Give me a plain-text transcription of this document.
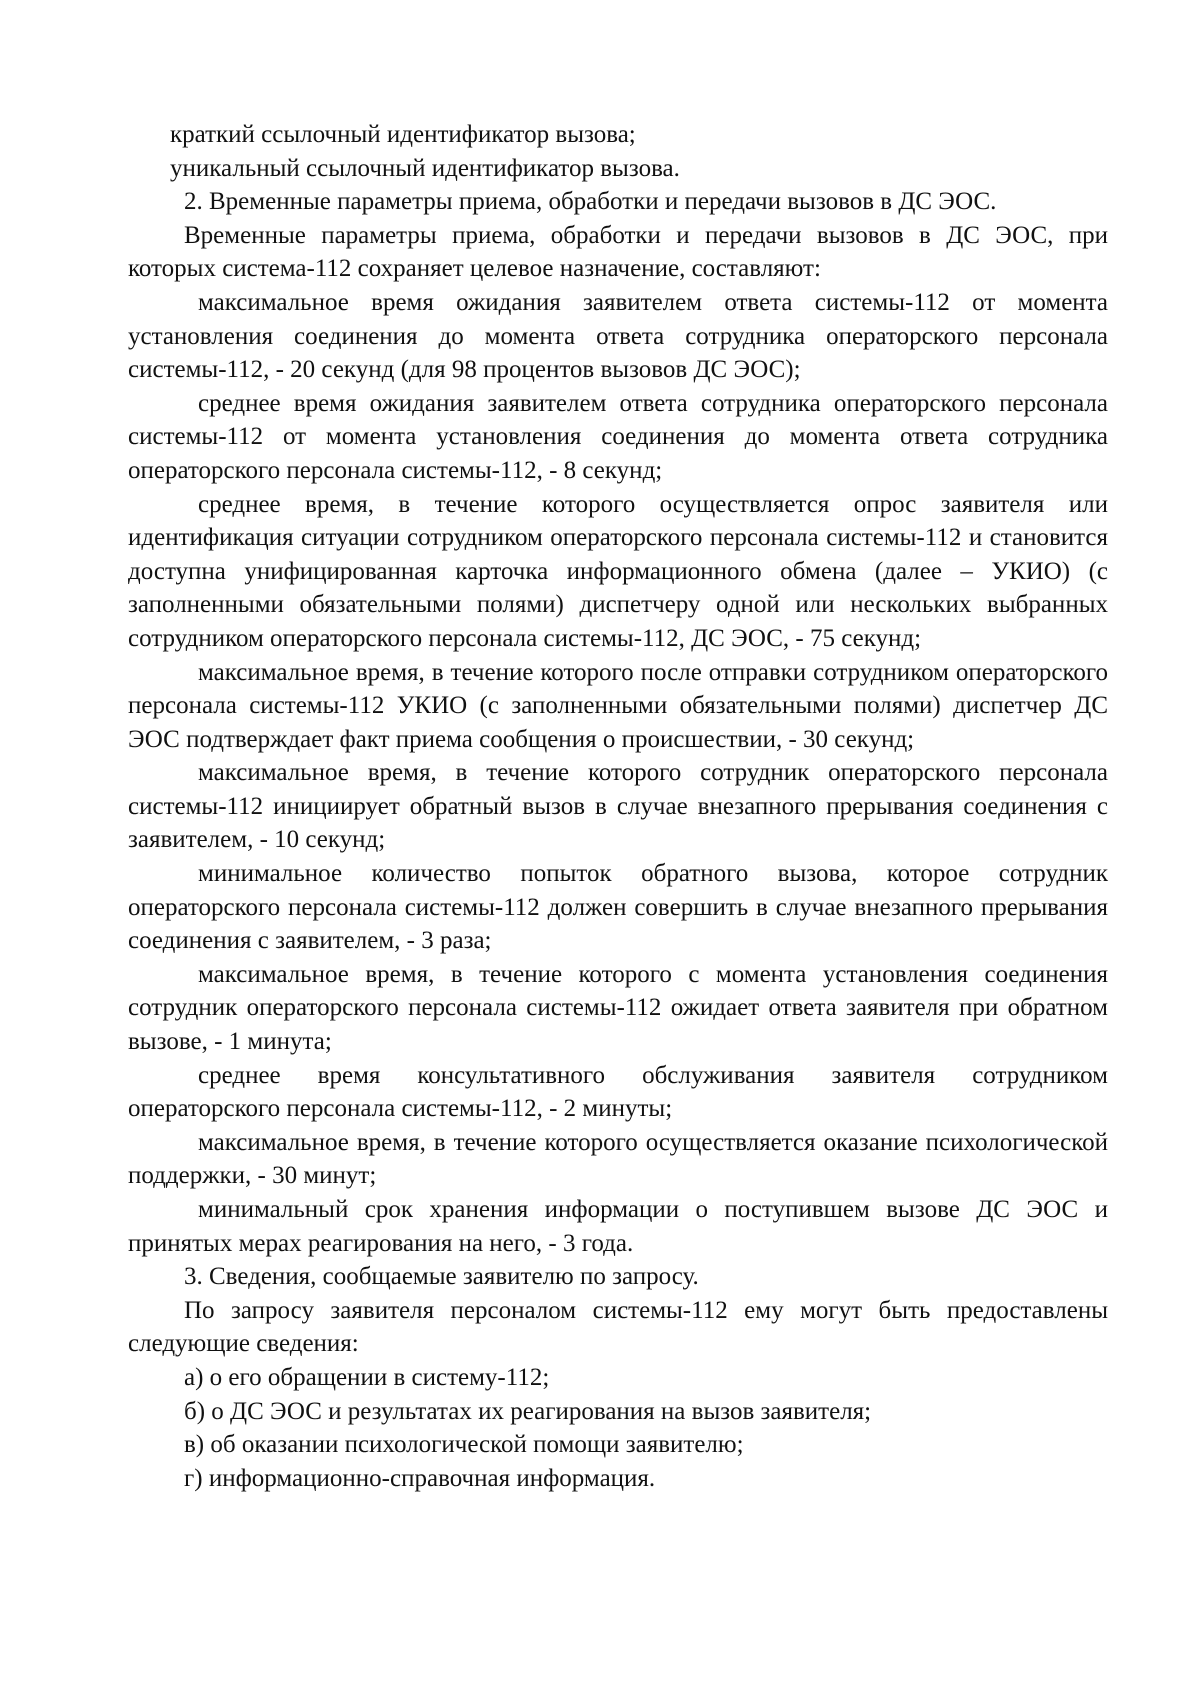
краткий ссылочный идентификатор вызова;

уникальный ссылочный идентификатор вызова.

2. Временные параметры приема, обработки и передачи вызовов в ДС ЭОС.

Временные параметры приема, обработки и передачи вызовов в ДС ЭОС, при которых система-112 сохраняет целевое назначение, составляют:

максимальное время ожидания заявителем ответа системы-112 от момента установления соединения до момента ответа сотрудника операторского персонала системы-112, - 20 секунд (для 98 процентов вызовов ДС ЭОС);

среднее время ожидания заявителем ответа сотрудника операторского персонала системы-112 от момента установления соединения до момента ответа сотрудника операторского персонала системы-112, - 8 секунд;

среднее время, в течение которого осуществляется опрос заявителя или идентификация ситуации сотрудником операторского персонала системы-112 и становится доступна унифицированная карточка информационного обмена (далее – УКИО) (с заполненными обязательными полями) диспетчеру одной или нескольких выбранных сотрудником операторского персонала системы-112, ДС ЭОС, - 75 секунд;

максимальное время, в течение которого после отправки сотрудником операторского персонала системы-112 УКИО (с заполненными обязательными полями) диспетчер ДС ЭОС подтверждает факт приема сообщения о происшествии, - 30 секунд;

максимальное время, в течение которого сотрудник операторского персонала системы-112 инициирует обратный вызов в случае внезапного прерывания соединения с заявителем, - 10 секунд;

минимальное количество попыток обратного вызова, которое сотрудник операторского персонала системы-112 должен совершить в случае внезапного прерывания соединения с заявителем, - 3 раза;

максимальное время, в течение которого с момента установления соединения сотрудник операторского персонала системы-112 ожидает ответа заявителя при обратном вызове, - 1 минута;

среднее время консультативного обслуживания заявителя сотрудником операторского персонала системы-112, - 2 минуты;

максимальное время, в течение которого осуществляется оказание психологической поддержки, - 30 минут;

минимальный срок хранения информации о поступившем вызове ДС ЭОС и принятых мерах реагирования на него, - 3 года.

3. Сведения, сообщаемые заявителю по запросу.

По запросу заявителя персоналом системы-112 ему могут быть предоставлены следующие сведения:

а) о его обращении в систему-112;

б) о ДС ЭОС и результатах их реагирования на вызов заявителя;

в) об оказании психологической помощи заявителю;

г) информационно-справочная информация.
